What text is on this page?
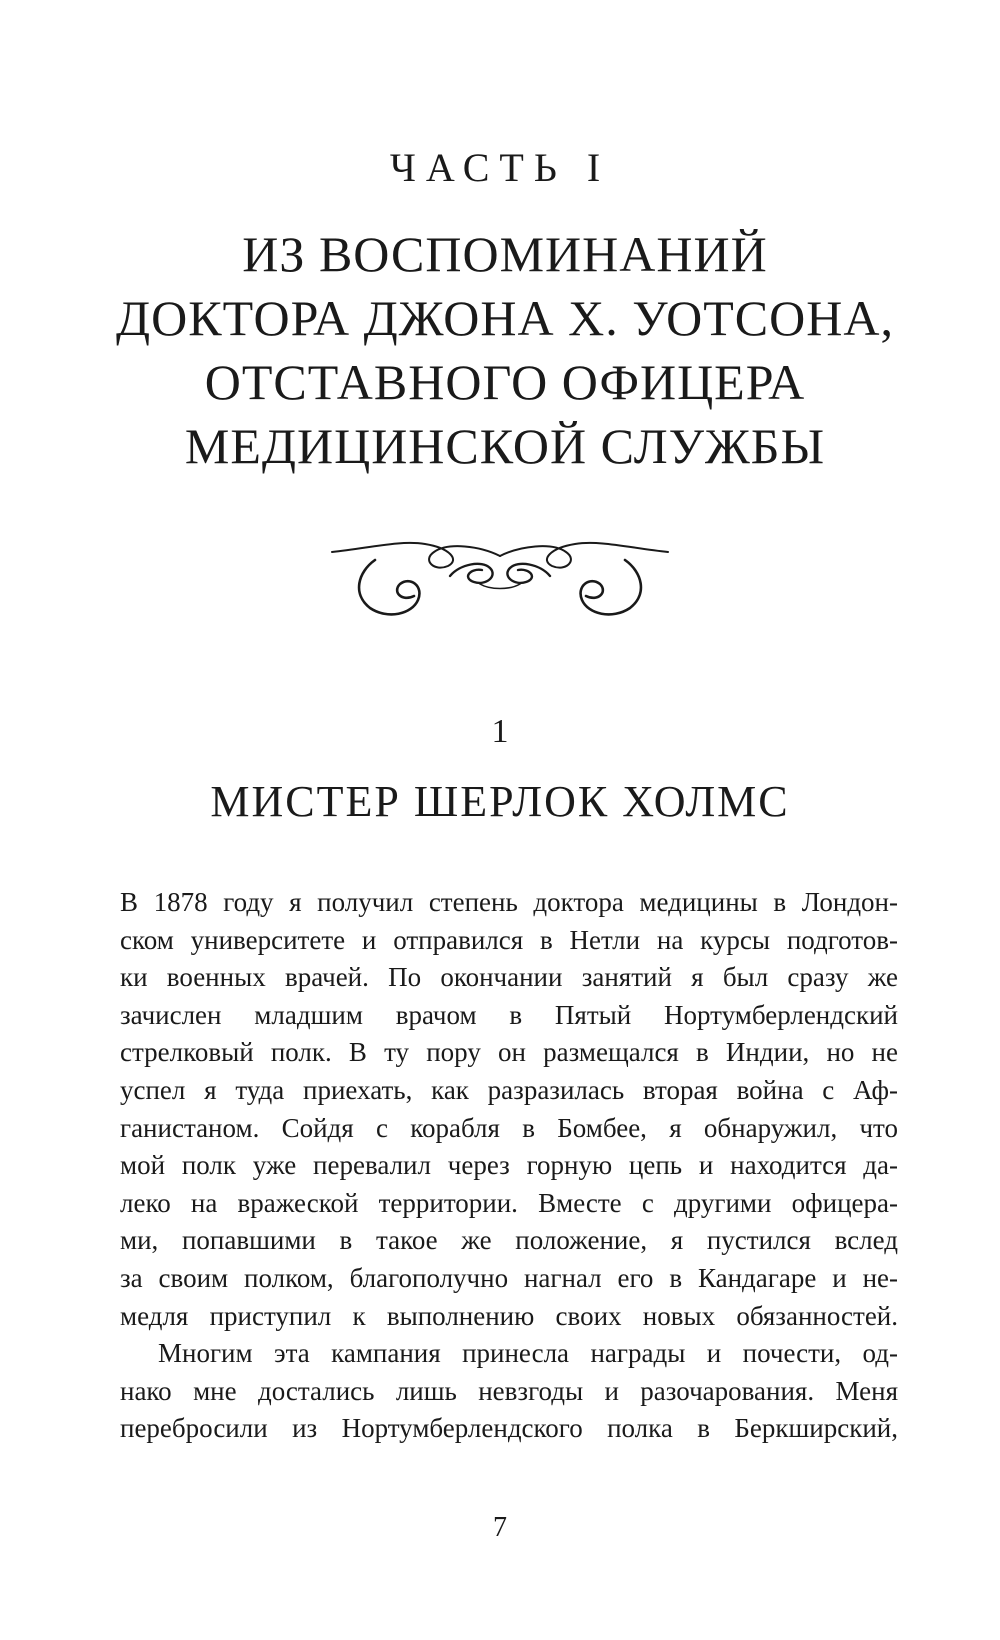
ЧАСТЬ I
ИЗ ВОСПОМИНАНИЙ
ДОКТОРА ДЖОНА Х. УОТСОНА,
ОТСТАВНОГО ОФИЦЕРА
МЕДИЦИНСКОЙ СЛУЖБЫ
1
МИСТЕР ШЕРЛОК ХОЛМС
В 1878 году я получил степень доктора медицины в Лондон-
ском университете и отправился в Нетли на курсы подготов-
ки военных врачей. По окончании занятий я был сразу же
зачислен младшим врачом в Пятый Нортумберлендский
стрелковый полк. В ту пору он размещался в Индии, но не
успел я туда приехать, как разразилась вторая война с Аф-
ганистаном. Сойдя с корабля в Бомбее, я обнаружил, что
мой полк уже перевалил через горную цепь и находится да-
леко на вражеской территории. Вместе с другими офицера-
ми, попавшими в такое же положение, я пустился вслед
за своим полком, благополучно нагнал его в Кандагаре и не-
медля приступил к выполнению своих новых обязанностей.
Многим эта кампания принесла награды и почести, од-
нако мне достались лишь невзгоды и разочарования. Меня
перебросили из Нортумберлендского полка в Беркширский,
7
